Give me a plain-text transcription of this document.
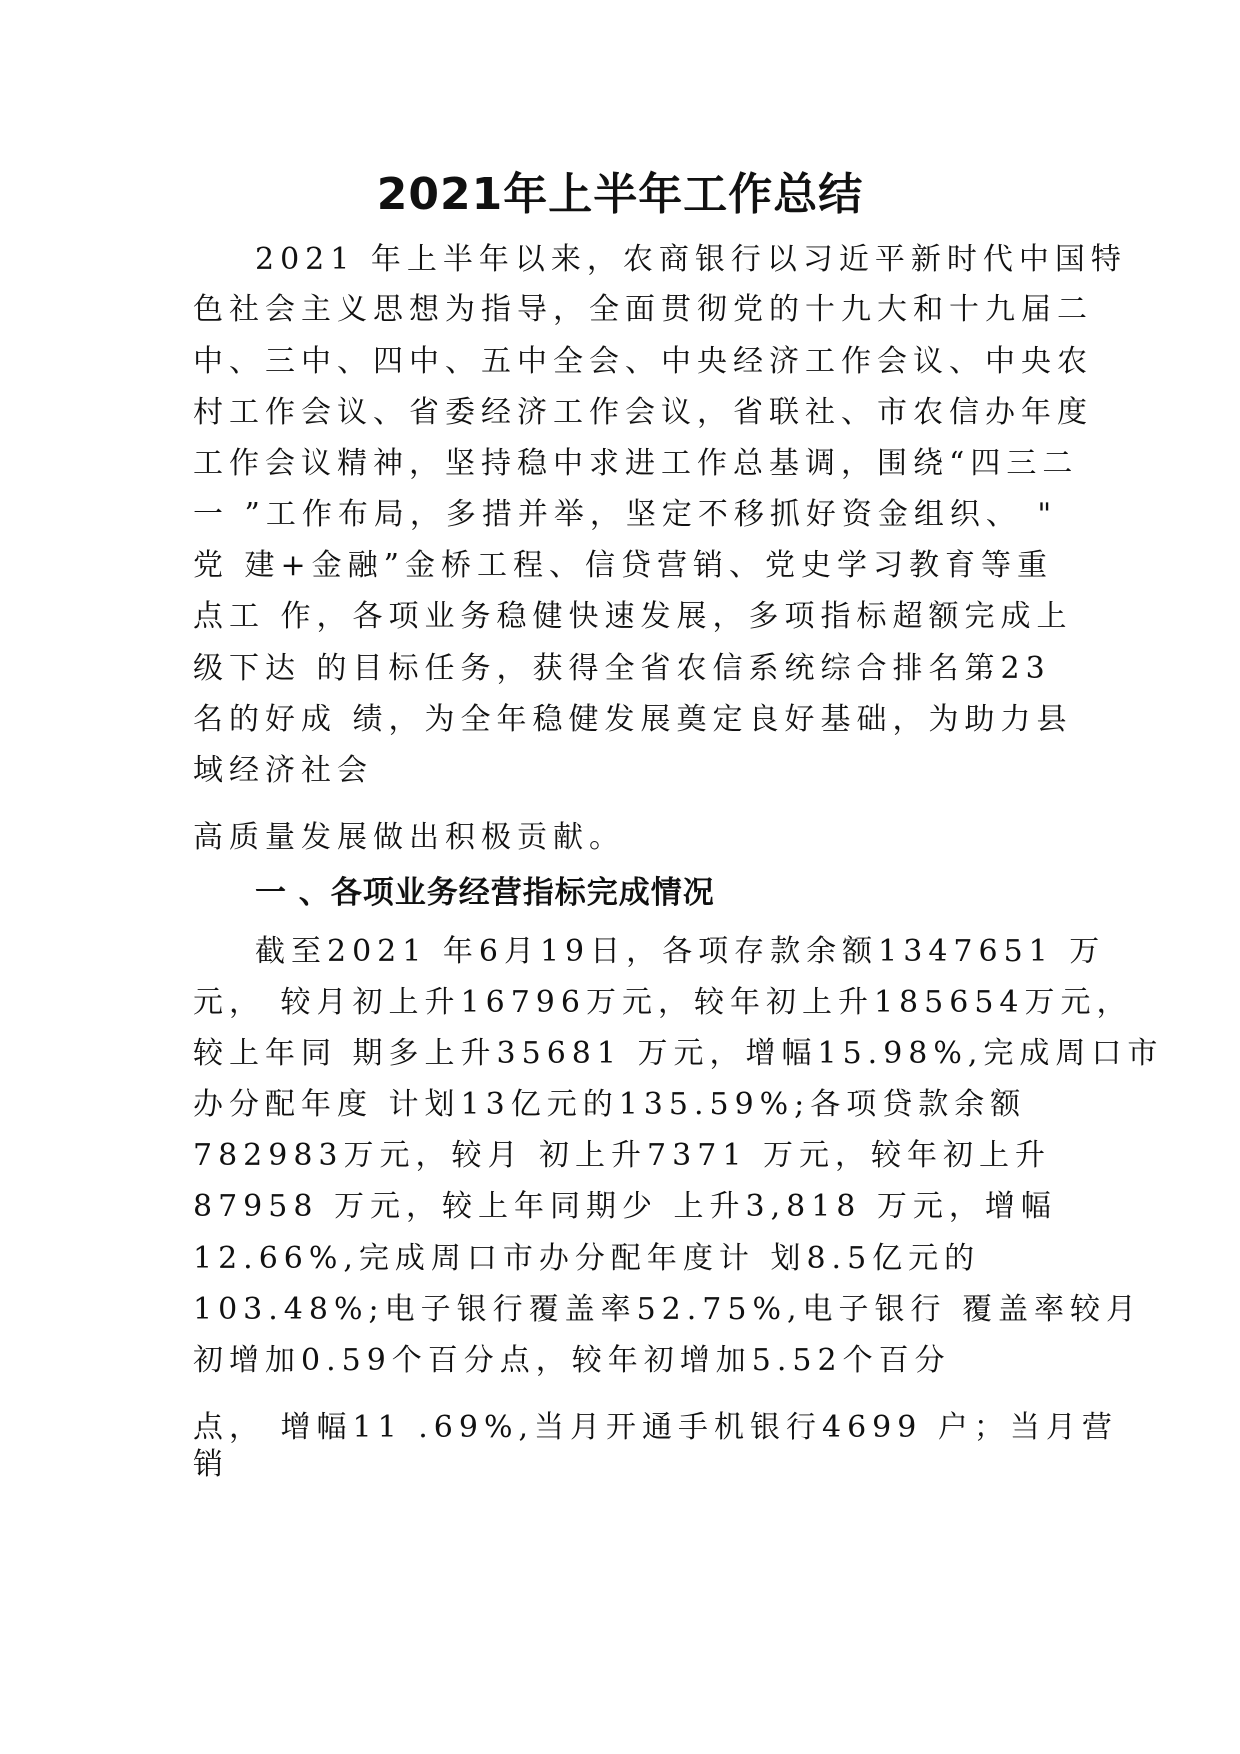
2021年上半年工作总结
2021 年上半年以来，农商银行以习近平新时代中国特
色社会主义思想为指导，全面贯彻党的十九大和十九届二
中、三中、四中、五中全会、中央经济工作会议、中央农
村工作会议、省委经济工作会议，省联社、市农信办年度
工作会议精神，坚持稳中求进工作总基调，围绕“四三二
一 ”工作布局，多措并举，坚定不移抓好资金组织、 "
党 建+金融”金桥工程、信贷营销、党史学习教育等重
点工 作，各项业务稳健快速发展，多项指标超额完成上
级下达 的目标任务，获得全省农信系统综合排名第23
名的好成 绩，为全年稳健发展奠定良好基础，为助力县
域经济社会
高质量发展做出积极贡献。
一 、各项业务经营指标完成情况
截至2021 年6月19日，各项存款余额1347651 万
元， 较月初上升16796万元，较年初上升185654万元，
较上年同 期多上升35681 万元，增幅15.98%,完成周口市
办分配年度 计划13亿元的135.59%;各项贷款余额
782983万元，较月 初上升7371 万元，较年初上升
87958 万元，较上年同期少 上升3,818 万元，增幅
12.66%,完成周口市办分配年度计 划8.5亿元的
103.48%;电子银行覆盖率52.75%,电子银行 覆盖率较月
初增加0.59个百分点，较年初增加5.52个百分
点， 增幅11 .69%,当月开通手机银行4699 户；当月营
销
